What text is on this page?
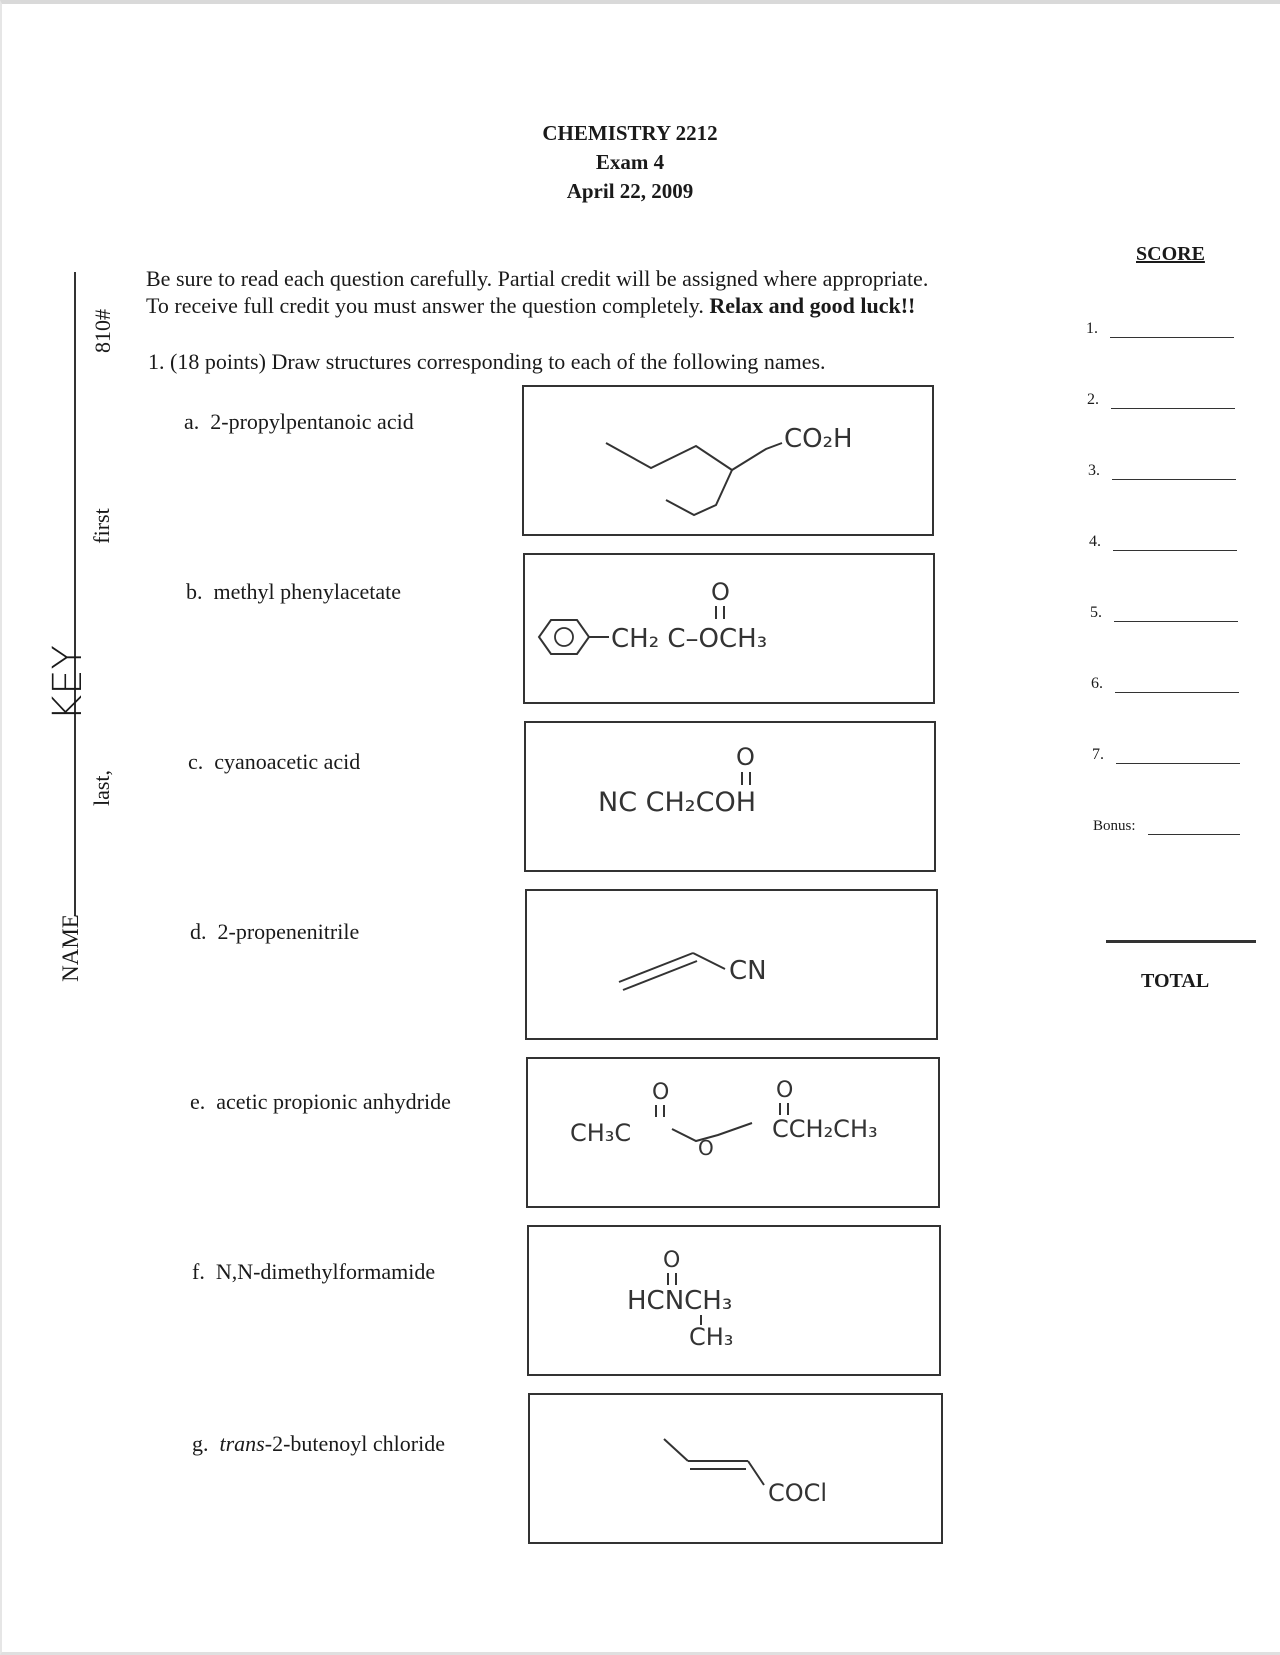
CHEMISTRY 2212
Exam 4
April 22, 2009
Be sure to read each question carefully. Partial credit will be assigned where appropriate.
To receive full credit you must answer the question completely. Relax and good luck!!
1. (18 points) Draw structures corresponding to each of the following names.
a. 2-propylpentanoic acid
CO₂H
b. methyl phenylacetate	O
CH₂ C–OCH₃
c. cyanoacetic acid	O
NC CH₂COH
d. 2-propenenitrile
CN
e. acetic propionic anhydride	O
CH₃C
O
O
CCH₂CH₃
f. N,N-dimethylformamide	O
HCNCH₃
CH₃
g. trans-2-butenoyl chloride
COCl
NAME
KEY
last,
first
810#
SCORE
1.
2.
3.
4.
5.
6.
7.
Bonus:
TOTAL
